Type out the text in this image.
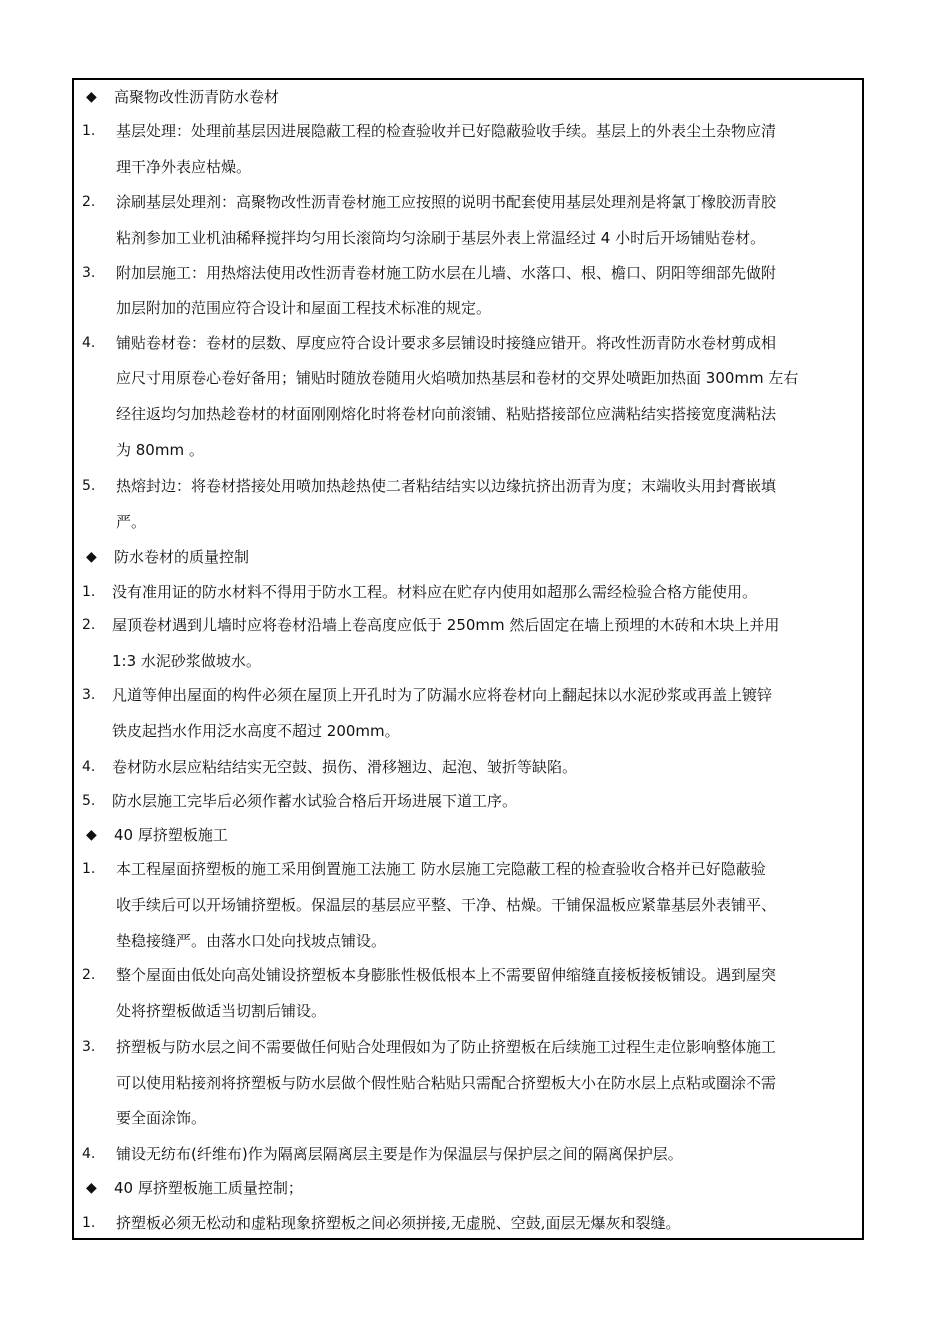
◆ 高聚物改性沥青防水卷材
1. 基层处理：处理前基层因进展隐蔽工程的检查验收并已好隐蔽验收手续。基层上的外表尘土杂物应清
理干净外表应枯燥。
2. 涂刷基层处理剂：高聚物改性沥青卷材施工应按照的说明书配套使用基层处理剂是将氯丁橡胶沥青胶
粘剂参加工业机油稀释搅拌均匀用长滚筒均匀涂刷于基层外表上常温经过 4 小时后开场铺贴卷材。
3. 附加层施工：用热熔法使用改性沥青卷材施工防水层在儿墙、水落口、根、檐口、阴阳等细部先做附
加层附加的范围应符合设计和屋面工程技术标准的规定。
4. 铺贴卷材卷：卷材的层数、厚度应符合设计要求多层铺设时接缝应错开。将改性沥青防水卷材剪成相
应尺寸用原卷心卷好备用；铺贴时随放卷随用火焰喷加热基层和卷材的交界处喷距加热面 300mm 左右
经往返均匀加热趁卷材的材面刚刚熔化时将卷材向前滚铺、粘贴搭接部位应满粘结实搭接宽度满粘法
为 80mm 。
5. 热熔封边：将卷材搭接处用喷加热趁热使二者粘结结实以边缘抗挤出沥青为度；末端收头用封膏嵌填
严。
◆ 防水卷材的质量控制
1. 没有准用证的防水材料不得用于防水工程。材料应在贮存内使用如超那么需经检验合格方能使用。
2. 屋顶卷材遇到儿墙时应将卷材沿墙上卷高度应低于 250mm 然后固定在墙上预埋的木砖和木块上并用
1:3 水泥砂浆做坡水。
3. 凡道等伸出屋面的构件必须在屋顶上开孔时为了防漏水应将卷材向上翻起抹以水泥砂浆或再盖上镀锌
铁皮起挡水作用泛水高度不超过 200mm。
4. 卷材防水层应粘结结实无空鼓、损伤、滑移翘边、起泡、皱折等缺陷。
5. 防水层施工完毕后必须作蓄水试验合格后开场进展下道工序。
◆ 40 厚挤塑板施工
1. 本工程屋面挤塑板的施工采用倒置施工法施工 防水层施工完隐蔽工程的检查验收合格并已好隐蔽验
收手续后可以开场铺挤塑板。保温层的基层应平整、干净、枯燥。干铺保温板应紧靠基层外表铺平、
垫稳接缝严。由落水口处向找坡点铺设。
2. 整个屋面由低处向高处铺设挤塑板本身膨胀性极低根本上不需要留伸缩缝直接板接板铺设。遇到屋突
处将挤塑板做适当切割后铺设。
3. 挤塑板与防水层之间不需要做任何贴合处理假如为了防止挤塑板在后续施工过程生走位影响整体施工
可以使用粘接剂将挤塑板与防水层做个假性贴合粘贴只需配合挤塑板大小在防水层上点粘或圈涂不需
要全面涂饰。
4. 铺设无纺布(纤维布)作为隔离层隔离层主要是作为保温层与保护层之间的隔离保护层。
◆ 40 厚挤塑板施工质量控制；
1. 挤塑板必须无松动和虚粘现象挤塑板之间必须拼接,无虚脱、空鼓,面层无爆灰和裂缝。
